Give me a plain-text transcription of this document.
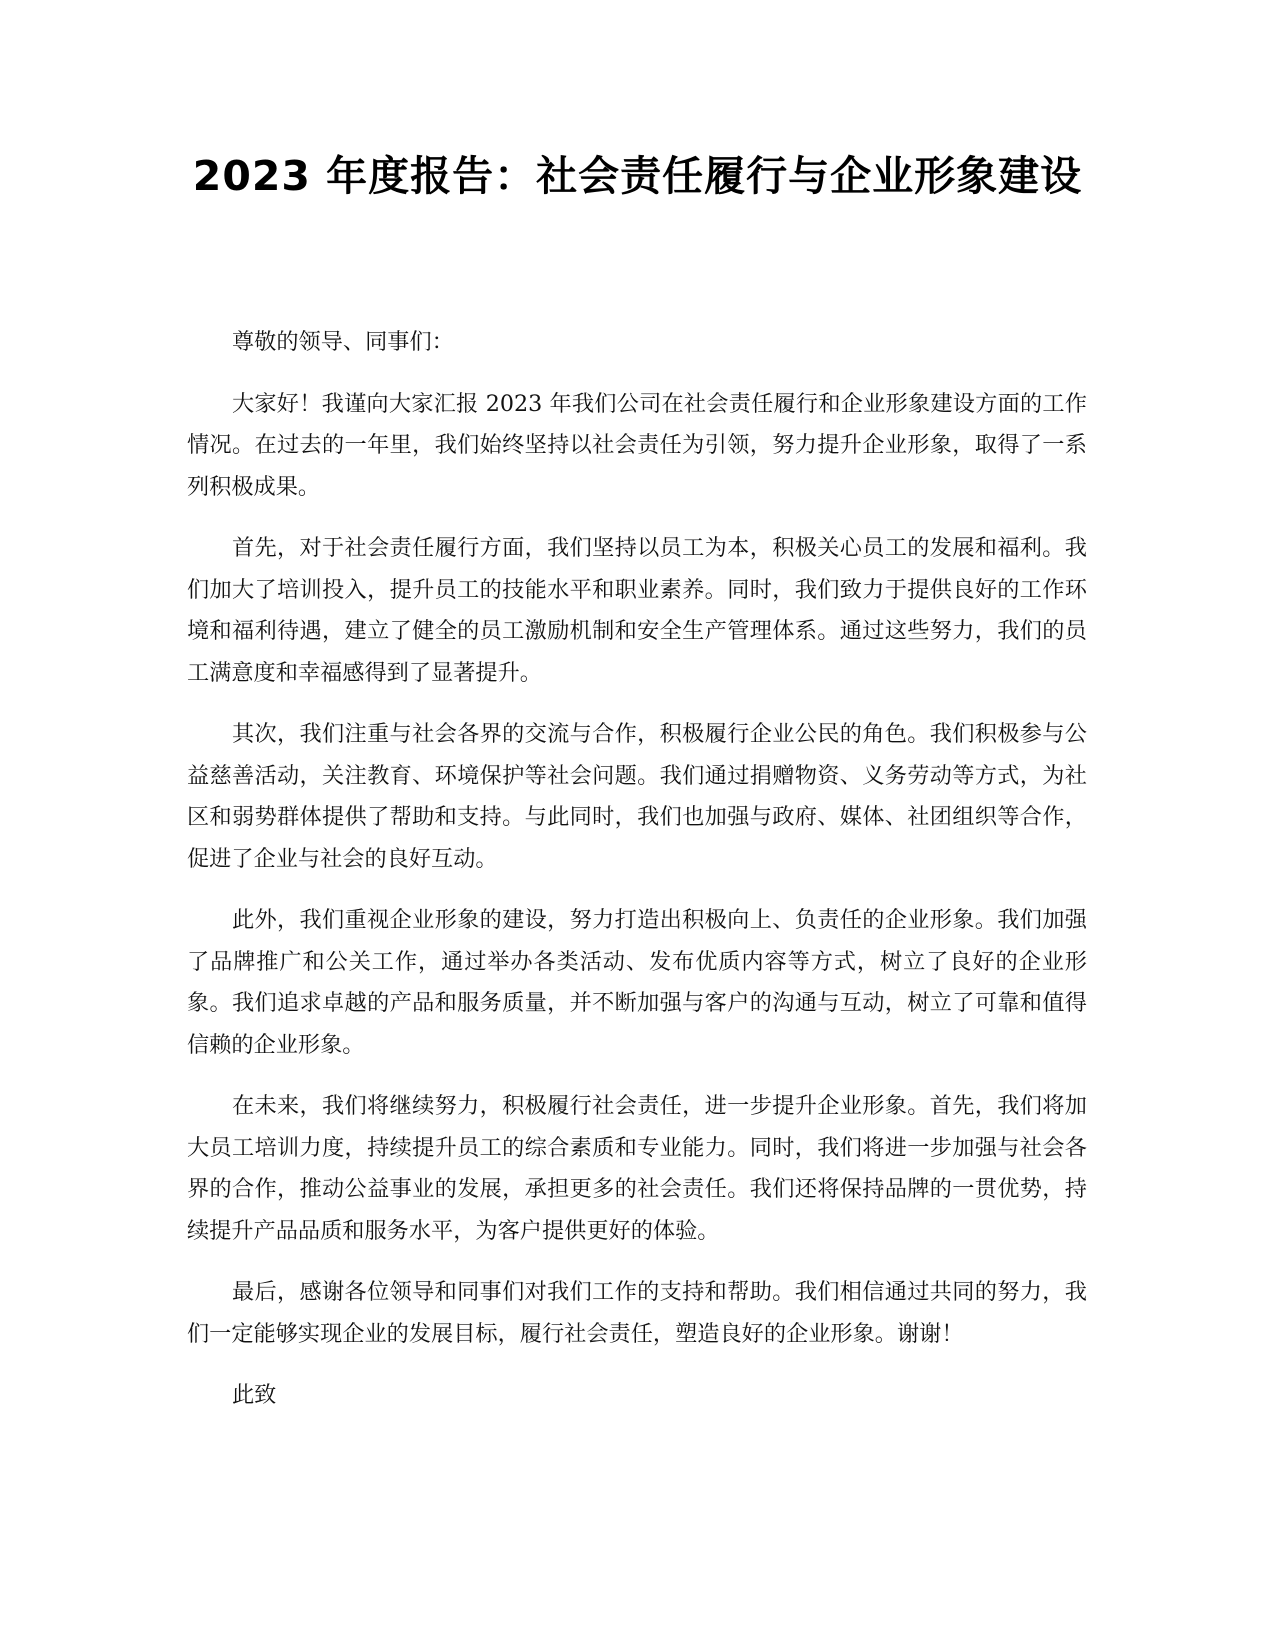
2023 年度报告：社会责任履行与企业形象建设

尊敬的领导、同事们：

大家好！我谨向大家汇报 2023 年我们公司在社会责任履行和企业形象建设方面的工作情况。在过去的一年里，我们始终坚持以社会责任为引领，努力提升企业形象，取得了一系列积极成果。

首先，对于社会责任履行方面，我们坚持以员工为本，积极关心员工的发展和福利。我们加大了培训投入，提升员工的技能水平和职业素养。同时，我们致力于提供良好的工作环境和福利待遇，建立了健全的员工激励机制和安全生产管理体系。通过这些努力，我们的员工满意度和幸福感得到了显著提升。

其次，我们注重与社会各界的交流与合作，积极履行企业公民的角色。我们积极参与公益慈善活动，关注教育、环境保护等社会问题。我们通过捐赠物资、义务劳动等方式，为社区和弱势群体提供了帮助和支持。与此同时，我们也加强与政府、媒体、社团组织等合作，促进了企业与社会的良好互动。

此外，我们重视企业形象的建设，努力打造出积极向上、负责任的企业形象。我们加强了品牌推广和公关工作，通过举办各类活动、发布优质内容等方式，树立了良好的企业形象。我们追求卓越的产品和服务质量，并不断加强与客户的沟通与互动，树立了可靠和值得信赖的企业形象。

在未来，我们将继续努力，积极履行社会责任，进一步提升企业形象。首先，我们将加大员工培训力度，持续提升员工的综合素质和专业能力。同时，我们将进一步加强与社会各界的合作，推动公益事业的发展，承担更多的社会责任。我们还将保持品牌的一贯优势，持续提升产品品质和服务水平，为客户提供更好的体验。

最后，感谢各位领导和同事们对我们工作的支持和帮助。我们相信通过共同的努力，我们一定能够实现企业的发展目标，履行社会责任，塑造良好的企业形象。谢谢！

此致
